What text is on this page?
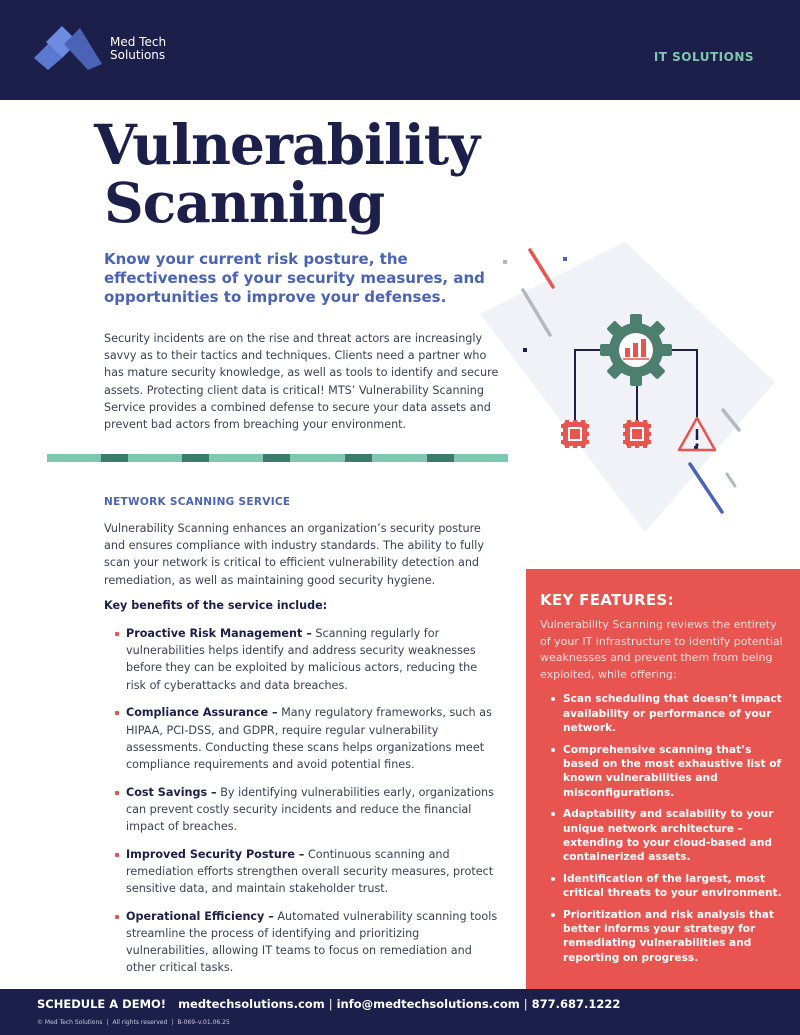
Med Tech
Solutions	IT SOLUTIONS
Vulnerability
Scanning
Know your current risk posture, the effectiveness of your security measures, and opportunities to improve your defenses.
Security incidents are on the rise and threat actors are increasingly savvy as to their tactics and techniques. Clients need a partner who has mature security knowledge, as well as tools to identify and secure assets. Protecting client data is critical! MTS’ Vulnerability Scanning Service provides a combined defense to secure your data assets and prevent bad actors from breaching your environment.
NETWORK SCANNING SERVICE
Vulnerability Scanning enhances an organization’s security posture and ensures compliance with industry standards. The ability to fully scan your network is critical to efficient vulnerability detection and remediation, as well as maintaining good security hygiene.
Key benefits of the service include:
Proactive Risk Management – Scanning regularly for vulnerabilities helps identify and address security weaknesses before they can be exploited by malicious actors, reducing the risk of cyberattacks and data breaches.
Compliance Assurance – Many regulatory frameworks, such as HIPAA, PCI-DSS, and GDPR, require regular vulnerability assessments. Conducting these scans helps organizations meet compliance requirements and avoid potential fines.
Cost Savings – By identifying vulnerabilities early, organizations can prevent costly security incidents and reduce the financial impact of breaches.
Improved Security Posture – Continuous scanning and remediation efforts strengthen overall security measures, protect sensitive data, and maintain stakeholder trust.
Operational Efficiency – Automated vulnerability scanning tools streamline the process of identifying and prioritizing vulnerabilities, allowing IT teams to focus on remediation and other critical tasks.
KEY FEATURES:

Vulnerability Scanning reviews the entirety of your IT infrastructure to identify potential weaknesses and prevent them from being exploited, while offering:

Scan scheduling that doesn’t impact availability or performance of your network.
Comprehensive scanning that’s based on the most exhaustive list of known vulnerabilities and misconfigurations.
Adaptability and scalability to your unique network architecture – extending to your cloud-based and containerized assets.
Identification of the largest, most critical threats to your environment.
Prioritization and risk analysis that better informs your strategy for remediating vulnerabilities and reporting on progress.
SCHEDULE A DEMO! medtechsolutions.com | info@medtechsolutions.com | 877.687.1222
© Med Tech Solutions | All rights reserved | B-069–v.01.06.25
